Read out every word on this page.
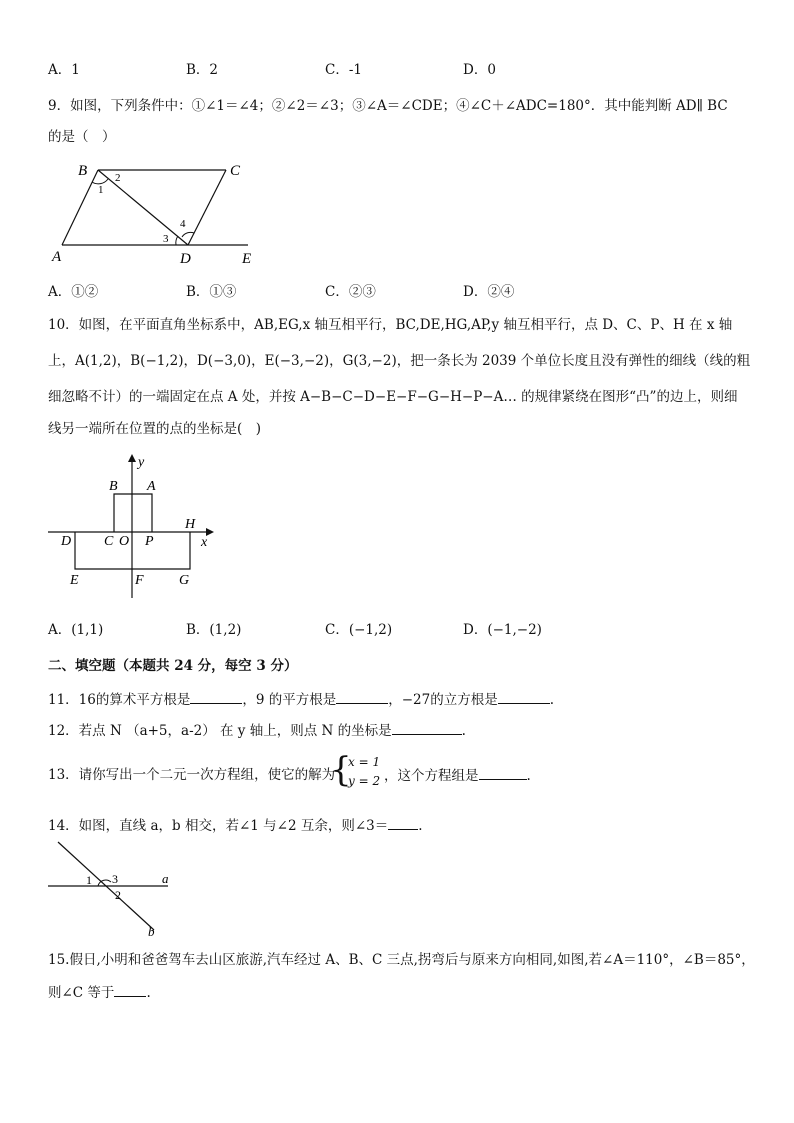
A．1	B．2	C．-1	D．0
9．如图，下列条件中：①∠1＝∠4；②∠2＝∠3；③∠A＝∠CDE；④∠C＋∠ADC=180°．其中能判断 AD∥ BC
的是（　）
B	C
A	D	E
1
2
3
4
A．①②	B．①③	C．②③	D．②④
10．如图，在平面直角坐标系中，AB,EG,x 轴互相平行，BC,DE,HG,AP,y 轴互相平行，点 D、C、P、H 在 x 轴
上，A(1,2)，B(−1,2)，D(−3,0)，E(−3,−2)，G(3,−2)，把一条长为 2039 个单位长度且没有弹性的细线（线的粗
细忽略不计）的一端固定在点 A 处，并按 A−B−C−D−E−F−G−H−P−A… 的规律紧绕在图形“凸”的边上，则细
线另一端所在位置的点的坐标是(　)
y
x
B A
H
D C O P
E	F	G
A．(1,1)	B．(1,2)	C．(−1,2)	D．(−1,−2)
二、填空题（本题共 24 分，每空 3 分）
11．16的算术平方根是	，9 的平方根是	，−27的立方根是	.
12．若点 N （a+5，a-2） 在 y 轴上，则点 N 的坐标是	.
13．请你写出一个二元一次方程组，使它的解为
{
x = 1
y = 2 ，这个方程组是	.
14．如图，直线 a，b 相交，若∠1 与∠2 互余，则∠3＝ .
1 3
2
a
b
15.假日,小明和爸爸驾车去山区旅游,汽车经过 A、B、C 三点,拐弯后与原来方向相同,如图,若∠A＝110°，∠B＝85°，
则∠C 等于 .
